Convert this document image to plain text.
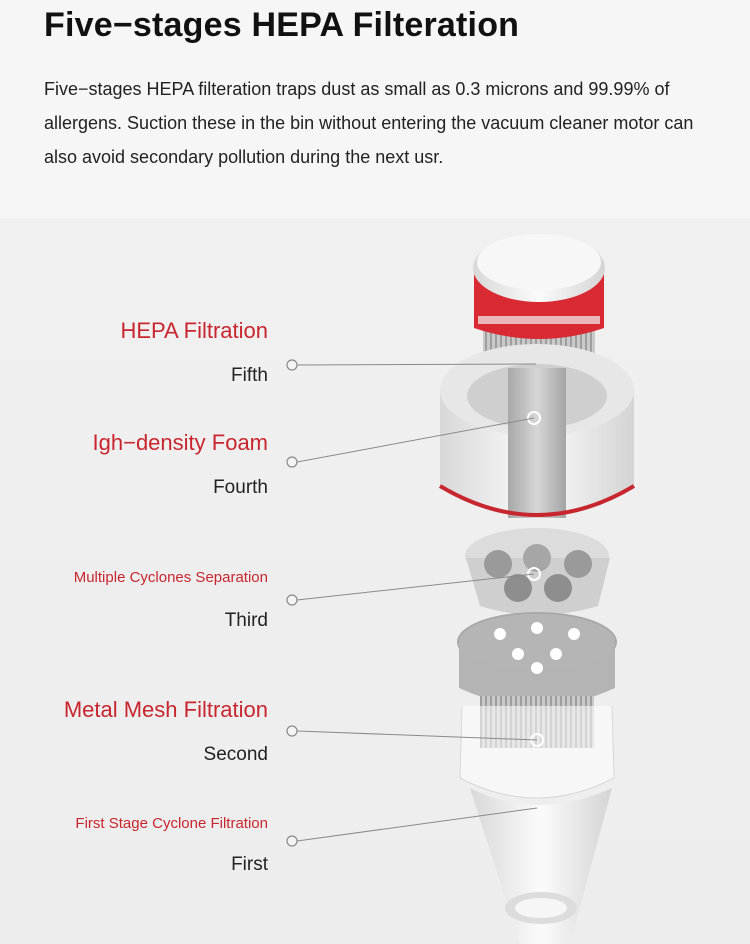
Five−stages HEPA Filteration

Five−stages HEPA filteration traps dust as small as 0.3 microns and 99.99% of allergens. Suction these in the bin without entering the vacuum cleaner motor can also avoid secondary pollution during the next usr.

HEPA Filtration

Fifth

Igh−density Foam

Fourth

Multiple Cyclones Separation

Third

Metal Mesh Filtration

Second

First Stage Cyclone Filtration

First
